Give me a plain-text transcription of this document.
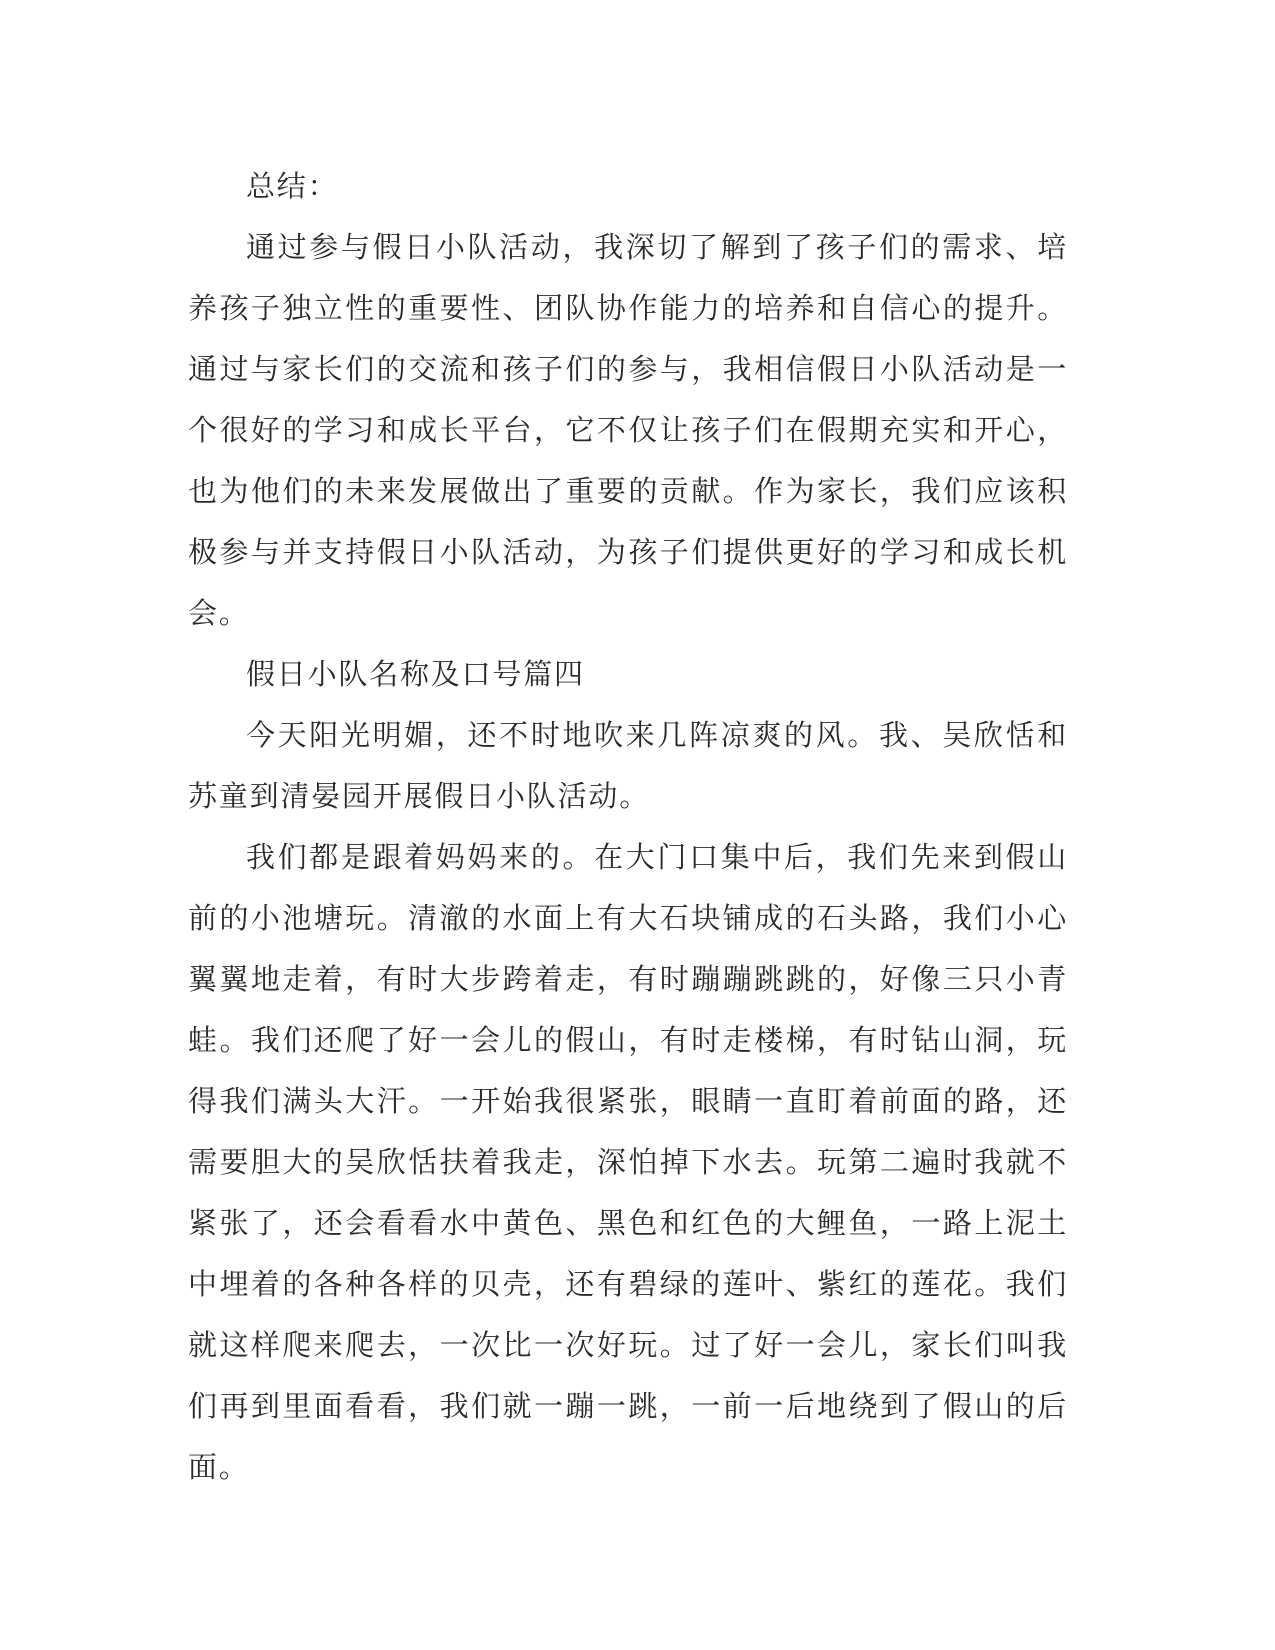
总结：

通过参与假日小队活动，我深切了解到了孩子们的需求、培养孩子独立性的重要性、团队协作能力的培养和自信心的提升。通过与家长们的交流和孩子们的参与，我相信假日小队活动是一个很好的学习和成长平台，它不仅让孩子们在假期充实和开心，也为他们的未来发展做出了重要的贡献。作为家长，我们应该积极参与并支持假日小队活动，为孩子们提供更好的学习和成长机会。

假日小队名称及口号篇四

今天阳光明媚，还不时地吹来几阵凉爽的风。我、吴欣恬和苏童到清晏园开展假日小队活动。

我们都是跟着妈妈来的。在大门口集中后，我们先来到假山前的小池塘玩。清澈的水面上有大石块铺成的石头路，我们小心翼翼地走着，有时大步跨着走，有时蹦蹦跳跳的，好像三只小青蛙。我们还爬了好一会儿的假山，有时走楼梯，有时钻山洞，玩得我们满头大汗。一开始我很紧张，眼睛一直盯着前面的路，还需要胆大的吴欣恬扶着我走，深怕掉下水去。玩第二遍时我就不紧张了，还会看看水中黄色、黑色和红色的大鲤鱼，一路上泥土中埋着的各种各样的贝壳，还有碧绿的莲叶、紫红的莲花。我们就这样爬来爬去，一次比一次好玩。过了好一会儿，家长们叫我们再到里面看看，我们就一蹦一跳，一前一后地绕到了假山的后面。
